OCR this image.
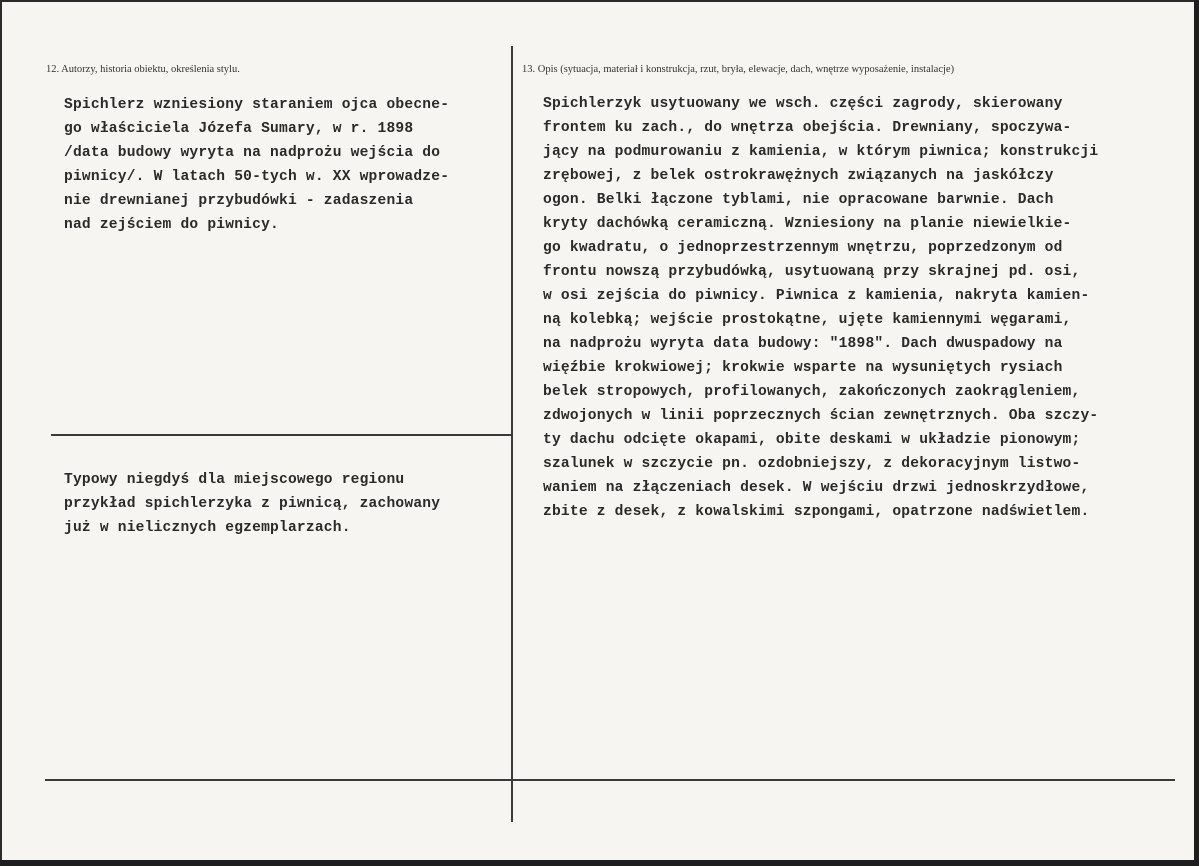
12. Autorzy, historia obiektu, określenia stylu.	13. Opis (sytuacja, materiał i konstrukcja, rzut, bryła, elewacje, dach, wnętrze wyposażenie, instalacje)
Spichlerz wzniesiony staraniem ojca obecne-
go właściciela Józefa Sumary, w r. 1898
/data budowy wyryta na nadprożu wejścia do
piwnicy/. W latach 50-tych w. XX wprowadze-
nie drewnianej przybudówki - zadaszenia
nad zejściem do piwnicy.
Typowy niegdyś dla miejscowego regionu
przykład spichlerzyka z piwnicą, zachowany
już w nielicznych egzemplarzach.
Spichlerzyk usytuowany we wsch. części zagrody, skierowany
frontem ku zach., do wnętrza obejścia. Drewniany, spoczywa-
jący na podmurowaniu z kamienia, w którym piwnica; konstrukcji
zrębowej, z belek ostrokrawężnych związanych na jaskółczy
ogon. Belki łączone tyblami, nie opracowane barwnie. Dach
kryty dachówką ceramiczną. Wzniesiony na planie niewielkie-
go kwadratu, o jednoprzestrzennym wnętrzu, poprzedzonym od
frontu nowszą przybudówką, usytuowaną przy skrajnej pd. osi,
w osi zejścia do piwnicy. Piwnica z kamienia, nakryta kamien-
ną kolebką; wejście prostokątne, ujęte kamiennymi węgarami,
na nadprożu wyryta data budowy: "1898". Dach dwuspadowy na
więźbie krokwiowej; krokwie wsparte na wysuniętych rysiach
belek stropowych, profilowanych, zakończonych zaokrągleniem,
zdwojonych w linii poprzecznych ścian zewnętrznych. Oba szczy-
ty dachu odcięte okapami, obite deskami w układzie pionowym;
szalunek w szczycie pn. ozdobniejszy, z dekoracyjnym listwo-
waniem na złączeniach desek. W wejściu drzwi jednoskrzydłowe,
zbite z desek, z kowalskimi szpongami, opatrzone nadświetlem.
